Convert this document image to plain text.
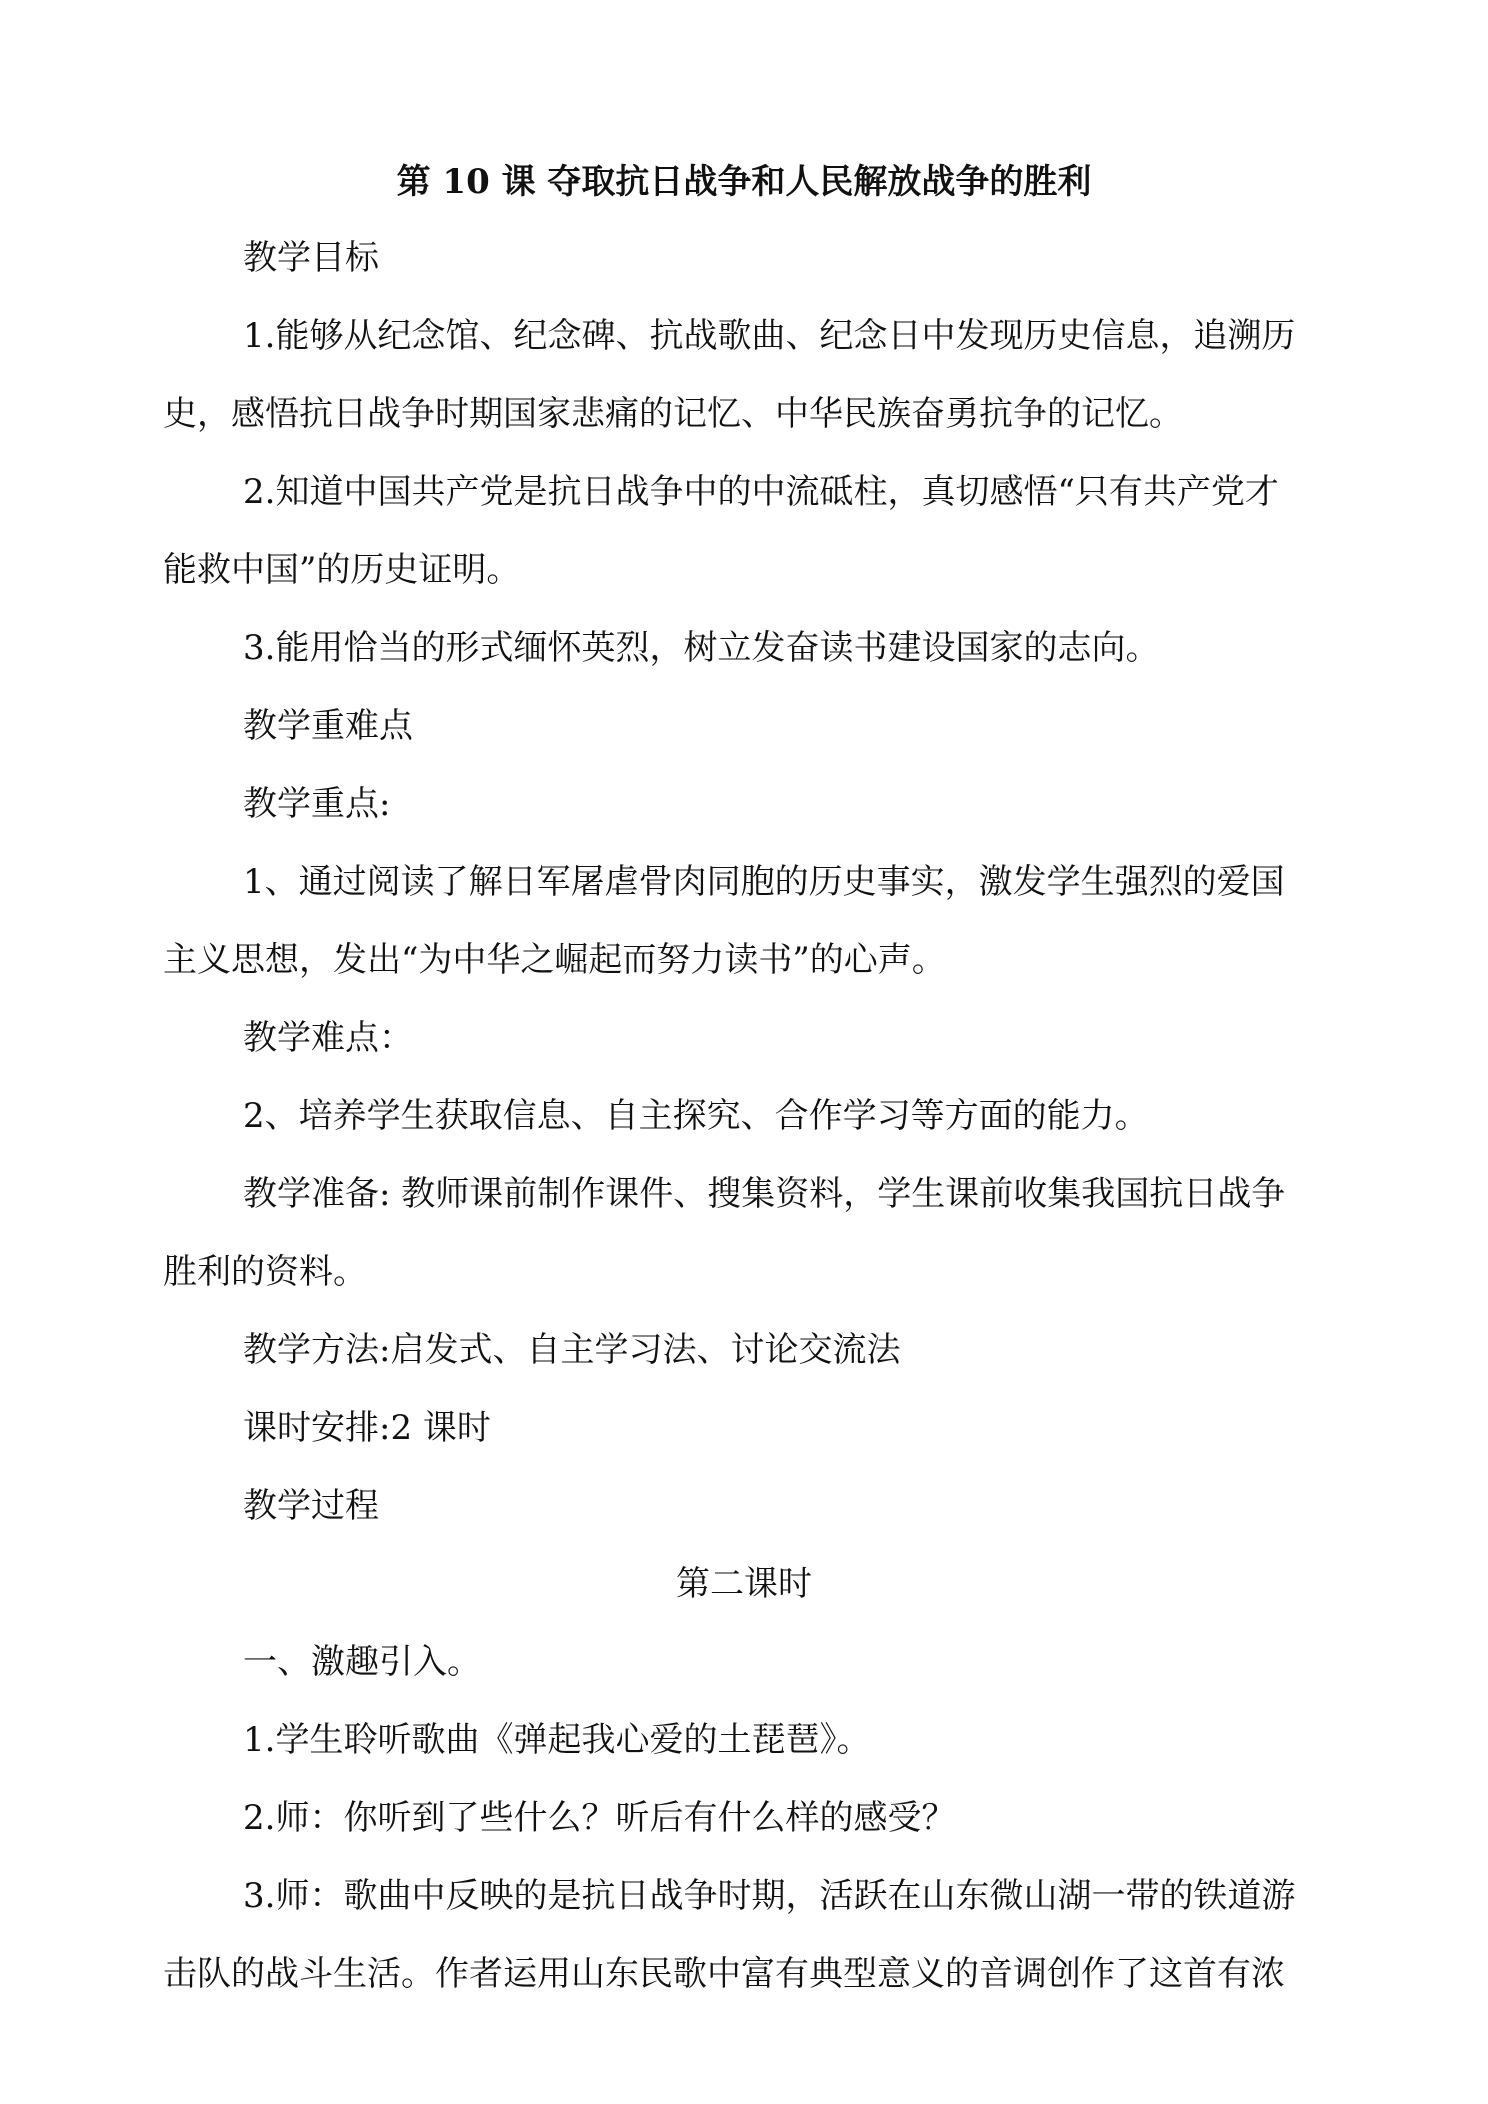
第 10 课 夺取抗日战争和人民解放战争的胜利
教学目标
1.能够从纪念馆、纪念碑、抗战歌曲、纪念日中发现历史信息，追溯历
史，感悟抗日战争时期国家悲痛的记忆、中华民族奋勇抗争的记忆。
2.知道中国共产党是抗日战争中的中流砥柱，真切感悟“只有共产党才
能救中国”的历史证明。
3.能用恰当的形式缅怀英烈，树立发奋读书建设国家的志向。
教学重难点
教学重点:
1、通过阅读了解日军屠虐骨肉同胞的历史事实，激发学生强烈的爱国
主义思想，发出“为中华之崛起而努力读书”的心声。
教学难点：
2、培养学生获取信息、自主探究、合作学习等方面的能力。
教学准备: 教师课前制作课件、搜集资料，学生课前收集我国抗日战争
胜利的资料。
教学方法:启发式、自主学习法、讨论交流法
课时安排:2 课时
教学过程
第二课时
一、激趣引入。
1.学生聆听歌曲《弹起我心爱的土琵琶》。
2.师：你听到了些什么？听后有什么样的感受？
3.师：歌曲中反映的是抗日战争时期，活跃在山东微山湖一带的铁道游
击队的战斗生活。作者运用山东民歌中富有典型意义的音调创作了这首有浓
